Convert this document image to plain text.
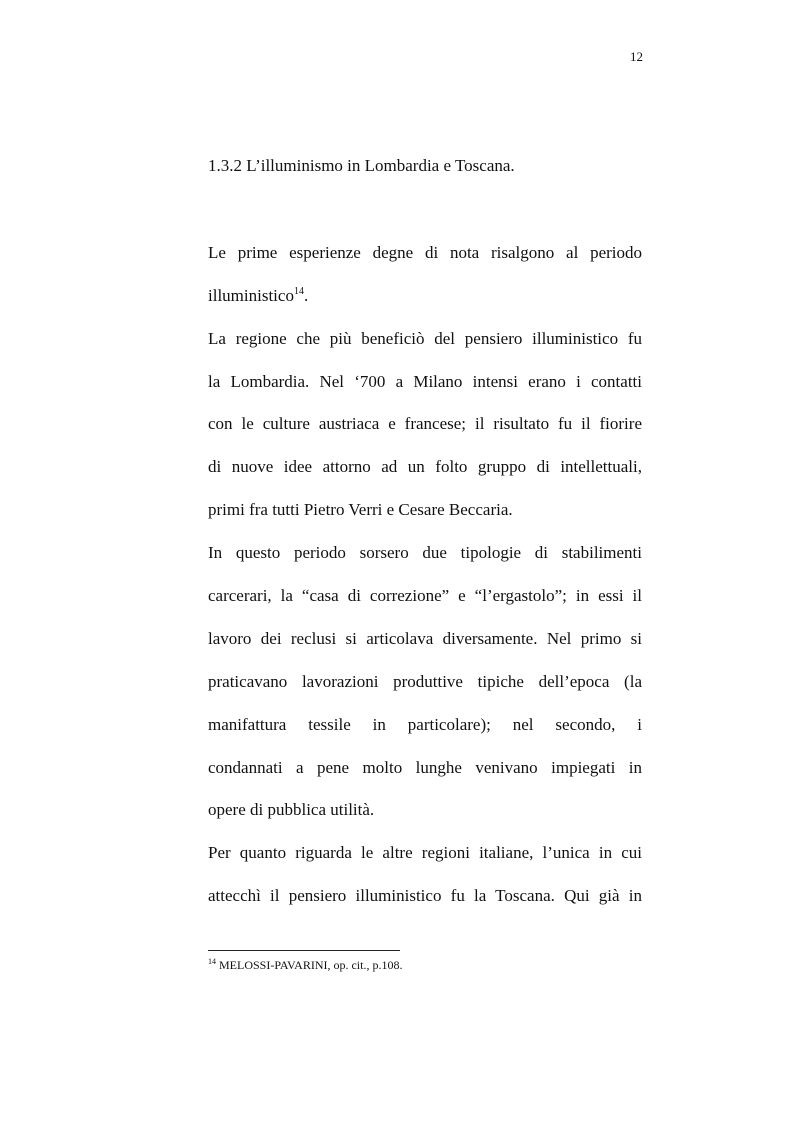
12
1.3.2 L’illuminismo in Lombardia e Toscana.
Le prime esperienze degne di nota risalgono al periodo
illuministico$^{14}$.
La regione che più beneficiò del pensiero illuministico fu
la Lombardia. Nel ‘700 a Milano intensi erano i contatti
con le culture austriaca e francese; il risultato fu il fiorire
di nuove idee attorno ad un folto gruppo di intellettuali,
primi fra tutti Pietro Verri e Cesare Beccaria.
In questo periodo sorsero due tipologie di stabilimenti
carcerari, la “casa di correzione” e “l’ergastolo”; in essi il
lavoro dei reclusi si articolava diversamente. Nel primo si
praticavano lavorazioni produttive tipiche dell’epoca (la
manifattura tessile in particolare); nel secondo, i
condannati a pene molto lunghe venivano impiegati in
opere di pubblica utilità.
Per quanto riguarda le altre regioni italiane, l’unica in cui
attecchì il pensiero illuministico fu la Toscana. Qui già in
$^{14}$ MELOSSI-PAVARINI, op. cit., p.108.
